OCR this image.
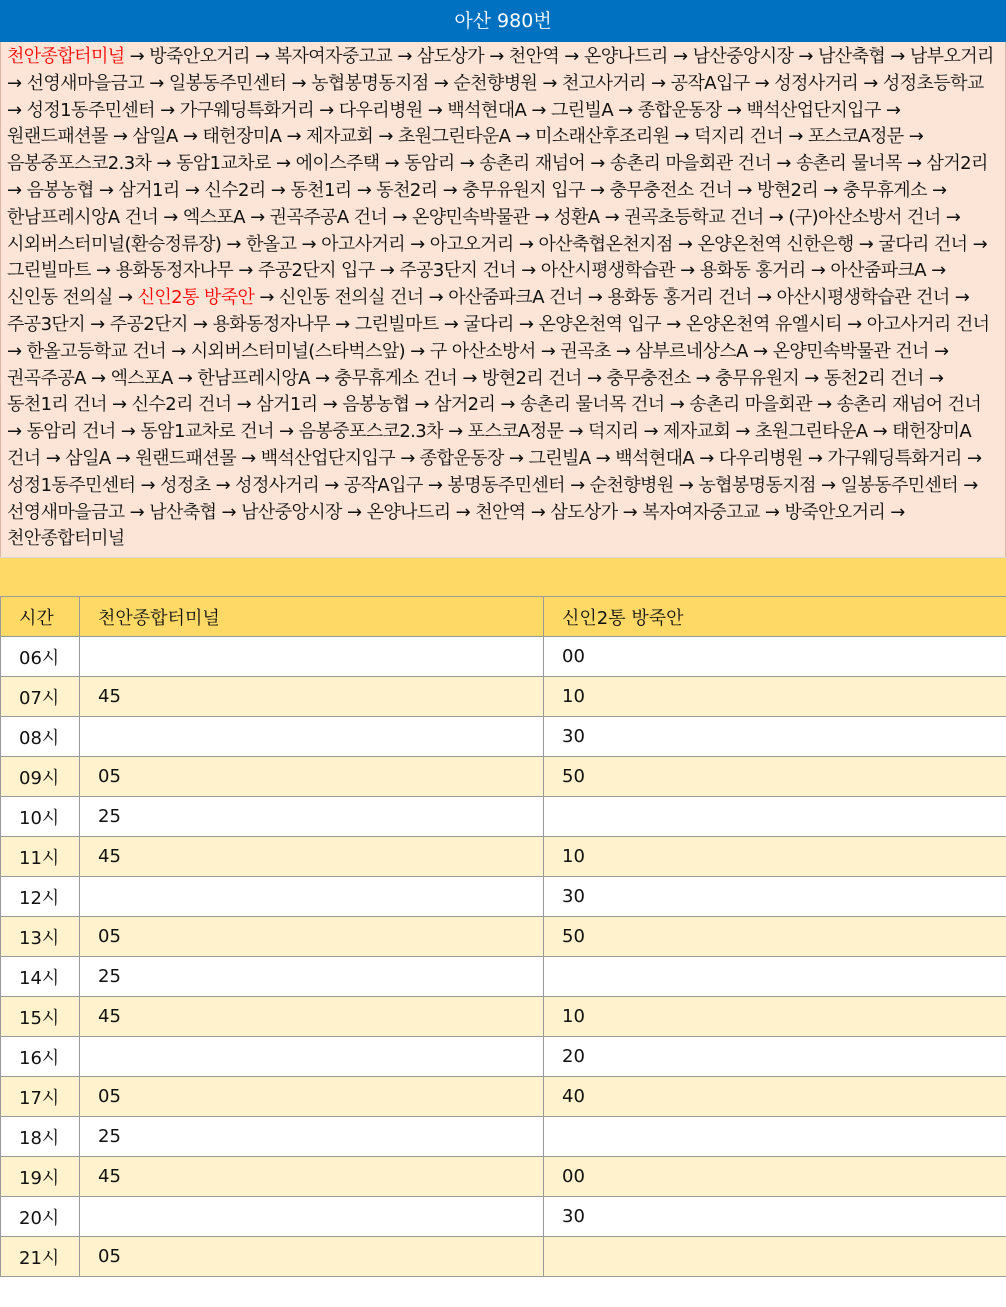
아산 980번
천안종합터미널 → 방죽안오거리 → 복자여자중고교 → 삼도상가 → 천안역 → 온양나드리 → 남산중앙시장 → 남산축협 → 남부오거리 → 선영새마을금고 → 일봉동주민센터 → 농협봉명동지점 → 순천향병원 → 천고사거리 → 공작A입구 → 성정사거리 → 성정초등학교 → 성정1동주민센터 → 가구웨딩특화거리 → 다우리병원 → 백석현대A → 그린빌A → 종합운동장 → 백석산업단지입구 → 원랜드패션몰 → 삼일A → 태헌장미A → 제자교회 → 초원그린타운A → 미소래산후조리원 → 덕지리 건너 → 포스코A정문 → 음봉중포스코2.3차 → 동암1교차로 → 에이스주택 → 동암리 → 송촌리 재넘어 → 송촌리 마을회관 건너 → 송촌리 물너목 → 삼거2리 → 음봉농협 → 삼거1리 → 신수2리 → 동천1리 → 동천2리 → 충무유원지 입구 → 충무충전소 건너 → 방현2리 → 충무휴게소 → 한남프레시앙A 건너 → 엑스포A → 권곡주공A 건너 → 온양민속박물관 → 성환A → 권곡초등학교 건너 → (구)아산소방서 건너 → 시외버스터미널(환승정류장) → 한올고 → 아고사거리 → 아고오거리 → 아산축협온천지점 → 온양온천역 신한은행 → 굴다리 건너 → 그린빌마트 → 용화동정자나무 → 주공2단지 입구 → 주공3단지 건너 → 아산시평생학습관 → 용화동 홍거리 → 아산줌파크A → 신인동 전의실 → 신인2통 방죽안 → 신인동 전의실 건너 → 아산줌파크A 건너 → 용화동 홍거리 건너 → 아산시평생학습관 건너 → 주공3단지 → 주공2단지 → 용화동정자나무 → 그린빌마트 → 굴다리 → 온양온천역 입구 → 온양온천역 유엘시티 → 아고사거리 건너 → 한올고등학교 건너 → 시외버스터미널(스타벅스앞) → 구 아산소방서 → 권곡초 → 삼부르네상스A → 온양민속박물관 건너 → 권곡주공A → 엑스포A → 한남프레시앙A → 충무휴게소 건너 → 방현2리 건너 → 충무충전소 → 충무유원지 → 동천2리 건너 → 동천1리 건너 → 신수2리 건너 → 삼거1리 → 음봉농협 → 삼거2리 → 송촌리 물너목 건너 → 송촌리 마을회관 → 송촌리 재넘어 건너 → 동암리 건너 → 동암1교차로 건너 → 음봉중포스코2.3차 → 포스코A정문 → 덕지리 → 제자교회 → 초원그린타운A → 태헌장미A 건너 → 삼일A → 원랜드패션몰 → 백석산업단지입구 → 종합운동장 → 그린빌A → 백석현대A → 다우리병원 → 가구웨딩특화거리 → 성정1동주민센터 → 성정초 → 성정사거리 → 공작A입구 → 봉명동주민센터 → 순천향병원 → 농협봉명동지점 → 일봉동주민센터 → 선영새마을금고 → 남산축협 → 남산중앙시장 → 온양나드리 → 천안역 → 삼도상가 → 복자여자중고교 → 방죽안오거리 → 천안종합터미널
시간	천안종합터미널	신인2통 방죽안
06시		00
07시	45	10
08시		30
09시	05	50
10시	25	
11시	45	10
12시		30
13시	05	50
14시	25	
15시	45	10
16시		20
17시	05	40
18시	25	
19시	45	00
20시		30
21시	05	
